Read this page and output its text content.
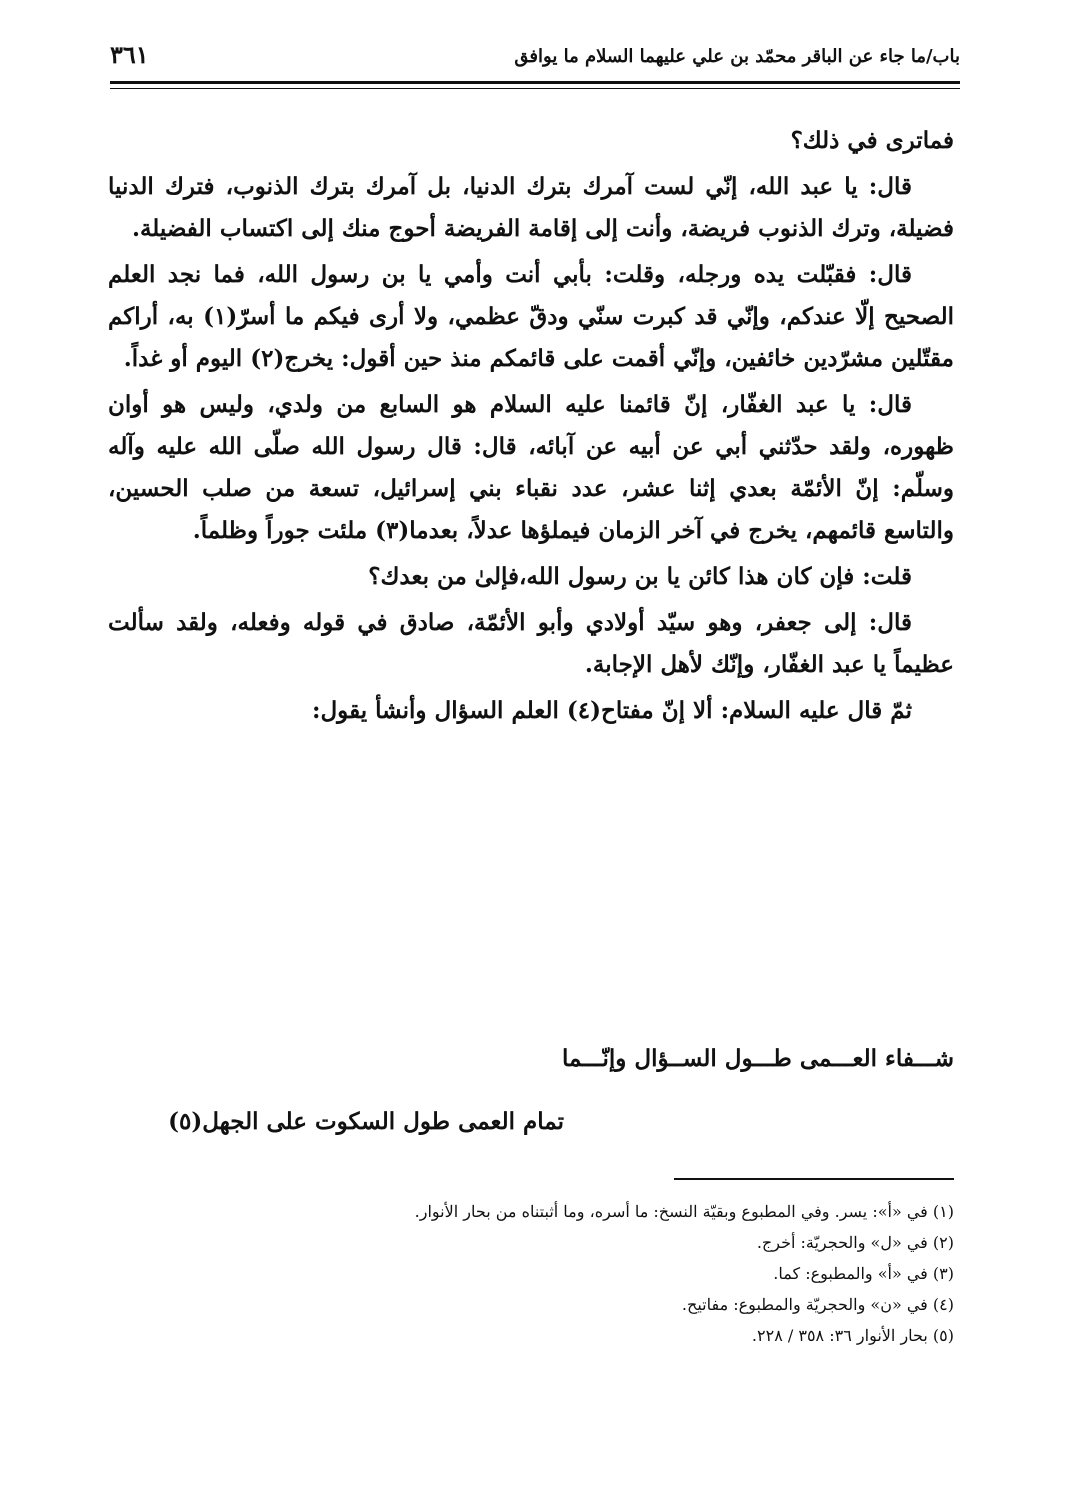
باب/ما جاء عن الباقر محمّد بن علي عليهما السلام ما يوافق
٣٦١

فماترى في ذلك؟

قال: يا عبد الله، إنّي لست آمرك بترك الدنيا، بل آمرك بترك الذنوب، فترك الدنيا فضيلة، وترك الذنوب فريضة، وأنت إلى إقامة الفريضة أحوج منك إلى اكتساب الفضيلة.

قال: فقبّلت يده ورجله، وقلت: بأبي أنت وأمي يا بن رسول الله، فما نجد العلم الصحيح إلّا عندكم، وإنّي قد كبرت سنّي ودقّ عظمي، ولا أرى فيكم ما أسرّ(١) به، أراكم مقتّلين مشرّدين خائفين، وإنّي أقمت على قائمكم منذ حين أقول: يخرج(٢) اليوم أو غداً.

قال: يا عبد الغفّار، إنّ قائمنا عليه السلام هو السابع من ولدي، وليس هو أوان ظهوره، ولقد حدّثني أبي عن أبيه عن آبائه، قال: قال رسول الله صلّى الله عليه وآله وسلّم: إنّ الأئمّة بعدي إثنا عشر، عدد نقباء بني إسرائيل، تسعة من صلب الحسين، والتاسع قائمهم، يخرج في آخر الزمان فيملؤها عدلاً، بعدما(٣) ملئت جوراً وظلماً.

قلت: فإن كان هذا كائن يا بن رسول الله،فإلىٰ من بعدك؟

قال: إلى جعفر، وهو سيّد أولادي وأبو الأئمّة، صادق في قوله وفعله، ولقد سألت عظيماً يا عبد الغفّار، وإنّك لأهل الإجابة.

ثمّ قال عليه السلام: ألا إنّ مفتاح(٤) العلم السؤال وأنشأ يقول:

شـــفاء العـــمى طـــول الســؤال وإنّـــما
تمام العمى طول السكوت على الجهل(٥)
(١) في «أ»: يسر. وفي المطبوع وبقيّة النسخ: ما أسره، وما أثبتناه من بحار الأنوار.
(٢) في «ل» والحجريّة: أخرج.
(٣) في «أ» والمطبوع: كما.
(٤) في «ن» والحجريّة والمطبوع: مفاتيح.
(٥) بحار الأنوار ٣٦: ٣٥٨ / ٢٢٨.
